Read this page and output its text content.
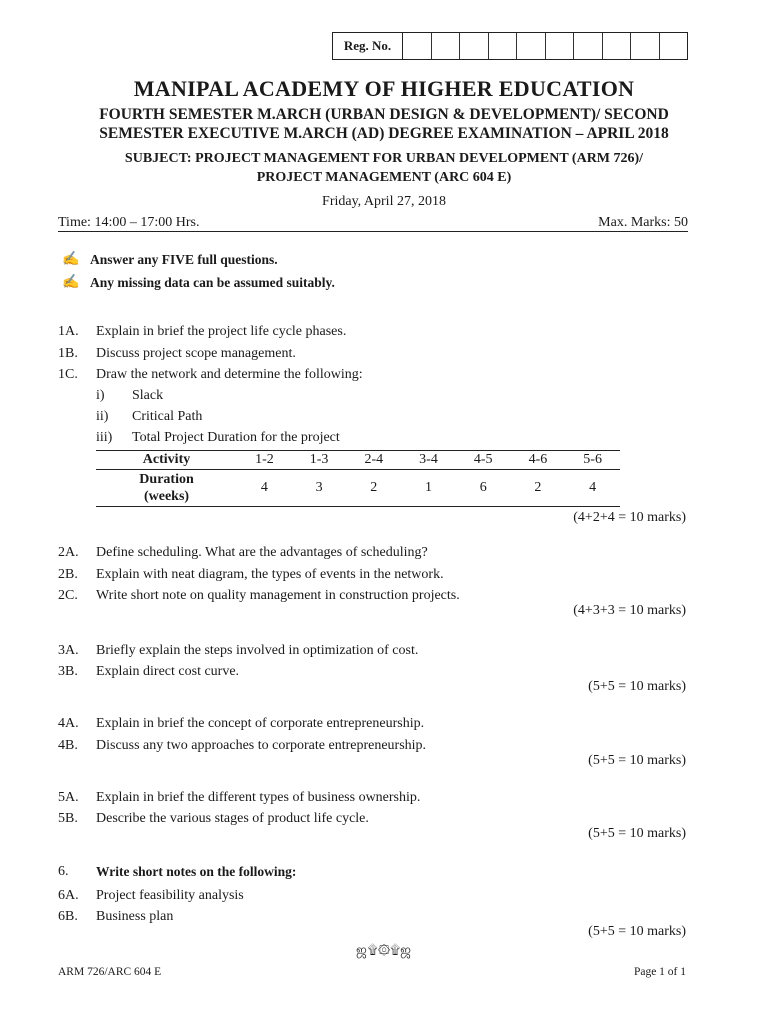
Reg. No.
MANIPAL ACADEMY OF HIGHER EDUCATION
FOURTH SEMESTER M.ARCH (URBAN DESIGN & DEVELOPMENT)/ SECOND
SEMESTER EXECUTIVE M.ARCH (AD) DEGREE EXAMINATION – APRIL 2018
SUBJECT: PROJECT MANAGEMENT FOR URBAN DEVELOPMENT (ARM 726)/
PROJECT MANAGEMENT (ARC 604 E)
Friday, April 27, 2018
Time: 14:00 – 17:00 Hrs.	Max. Marks: 50
✍ Answer any FIVE full questions.
✍ Any missing data can be assumed suitably.
1A.	Explain in brief the project life cycle phases.
1B.	Discuss project scope management.
1C.	Draw the network and determine the following:
i)	Slack
ii)	Critical Path
iii)	Total Project Duration for the project
Activity	1-2	1-3	2-4	3-4	4-5	4-6	5-6
Duration
(weeks)	4	3	2	1	6	2	4
(4+2+4 = 10 marks)
2A.	Define scheduling. What are the advantages of scheduling?
2B.	Explain with neat diagram, the types of events in the network.
2C.	Write short note on quality management in construction projects.
(4+3+3 = 10 marks)
3A.	Briefly explain the steps involved in optimization of cost.
3B.	Explain direct cost curve.
(5+5 = 10 marks)
4A.	Explain in brief the concept of corporate entrepreneurship.
4B.	Discuss any two approaches to corporate entrepreneurship.
(5+5 = 10 marks)
5A.	Explain in brief the different types of business ownership.
5B.	Describe the various stages of product life cycle.
(5+5 = 10 marks)
6.	Write short notes on the following:
6A.	Project feasibility analysis
6B.	Business plan
(5+5 = 10 marks)
ஜ۩۞۩ஜ
ARM 726/ARC 604 E	Page 1 of 1
